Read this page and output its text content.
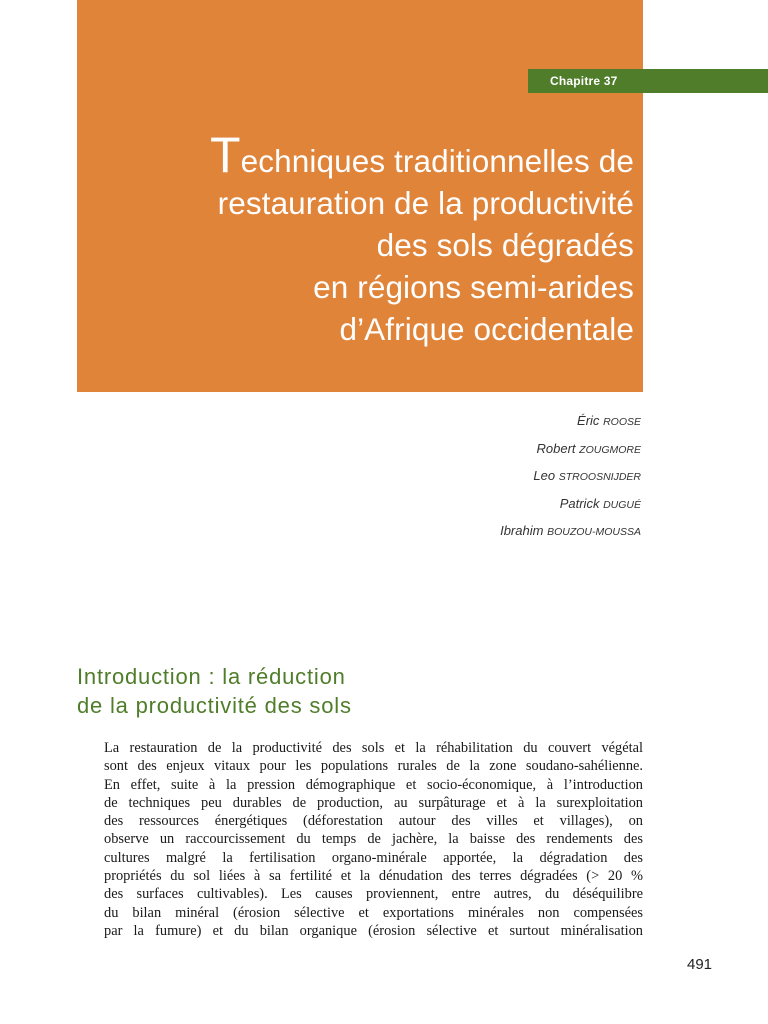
Chapitre 37
Techniques traditionnelles de
restauration de la productivité
des sols dégradés
en régions semi-arides
d’Afrique occidentale
Éric ROOSE
Robert ZOUGMORE
Leo STROOSNIJDER
Patrick DUGUÉ
Ibrahim BOUZOU-MOUSSA
Introduction : la réduction
de la productivité des sols
La restauration de la productivité des sols et la réhabilitation du couvert végétal
sont des enjeux vitaux pour les populations rurales de la zone soudano-sahélienne.
En effet, suite à la pression démographique et socio-économique, à l’introduction
de techniques peu durables de production, au surpâturage et à la surexploitation
des ressources énergétiques (déforestation autour des villes et villages), on
observe un raccourcissement du temps de jachère, la baisse des rendements des
cultures malgré la fertilisation organo-minérale apportée, la dégradation des
propriétés du sol liées à sa fertilité et la dénudation des terres dégradées (> 20 %
des surfaces cultivables). Les causes proviennent, entre autres, du déséquilibre
du bilan minéral (érosion sélective et exportations minérales non compensées
par la fumure) et du bilan organique (érosion sélective et surtout minéralisation
491
